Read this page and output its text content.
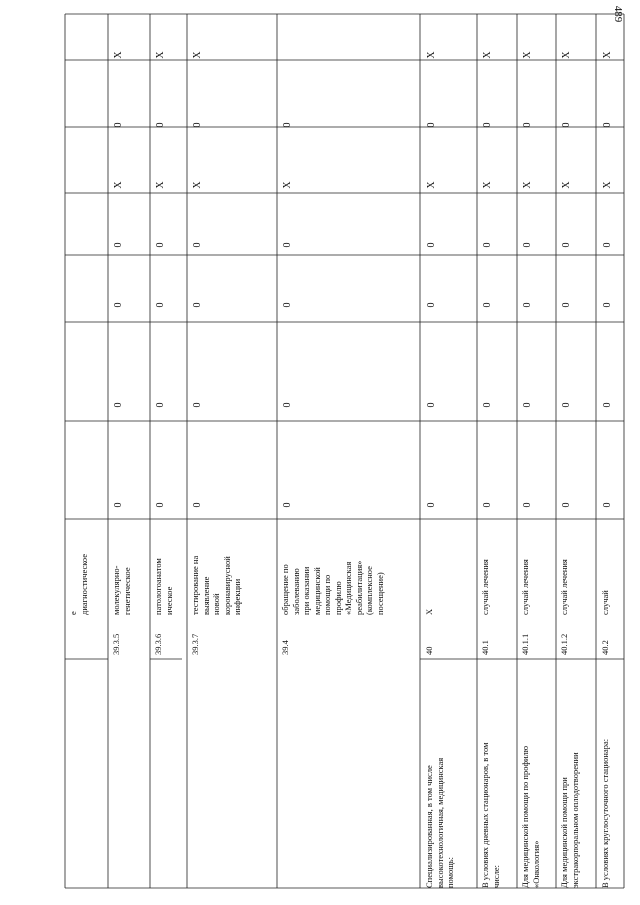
489
е
диагностическое
39.3.5
молекулярно-
генетическое
0
0
0
0
Х
0
Х
39.3.6
патологоанатом
ическое
0
0
0
0
Х
0
Х
39.3.7
тестирование на
выявление
новой
коронавирусной
инфекции
0
0
0
0
Х
0
Х
39.4
обращение по
заболеванию
при оказании
медицинской
помощи по
профилю
«Медицинская
реабилитация»
(комплексное
посещение)
0
0
0
0
Х
0
Специализированная, в том числе
высокотехнологичная, медицинская
помощь:
40
Х
0
0
0
0
Х
0
Х
В условиях дневных стационаров, в том
числе:
40.1
случай лечения
0
0
0
0
Х
0
Х
Для медицинской помощи по профилю
«Онкология»
40.1.1
случай лечения
0
0
0
0
Х
0
Х
Для медицинской помощи при
экстракорпоральном оплодотворении
40.1.2
случай лечения
0
0
0
0
Х
0
Х
В условиях круглосуточного стационара:
40.2
случай
0
0
0
0
Х
0
Х
